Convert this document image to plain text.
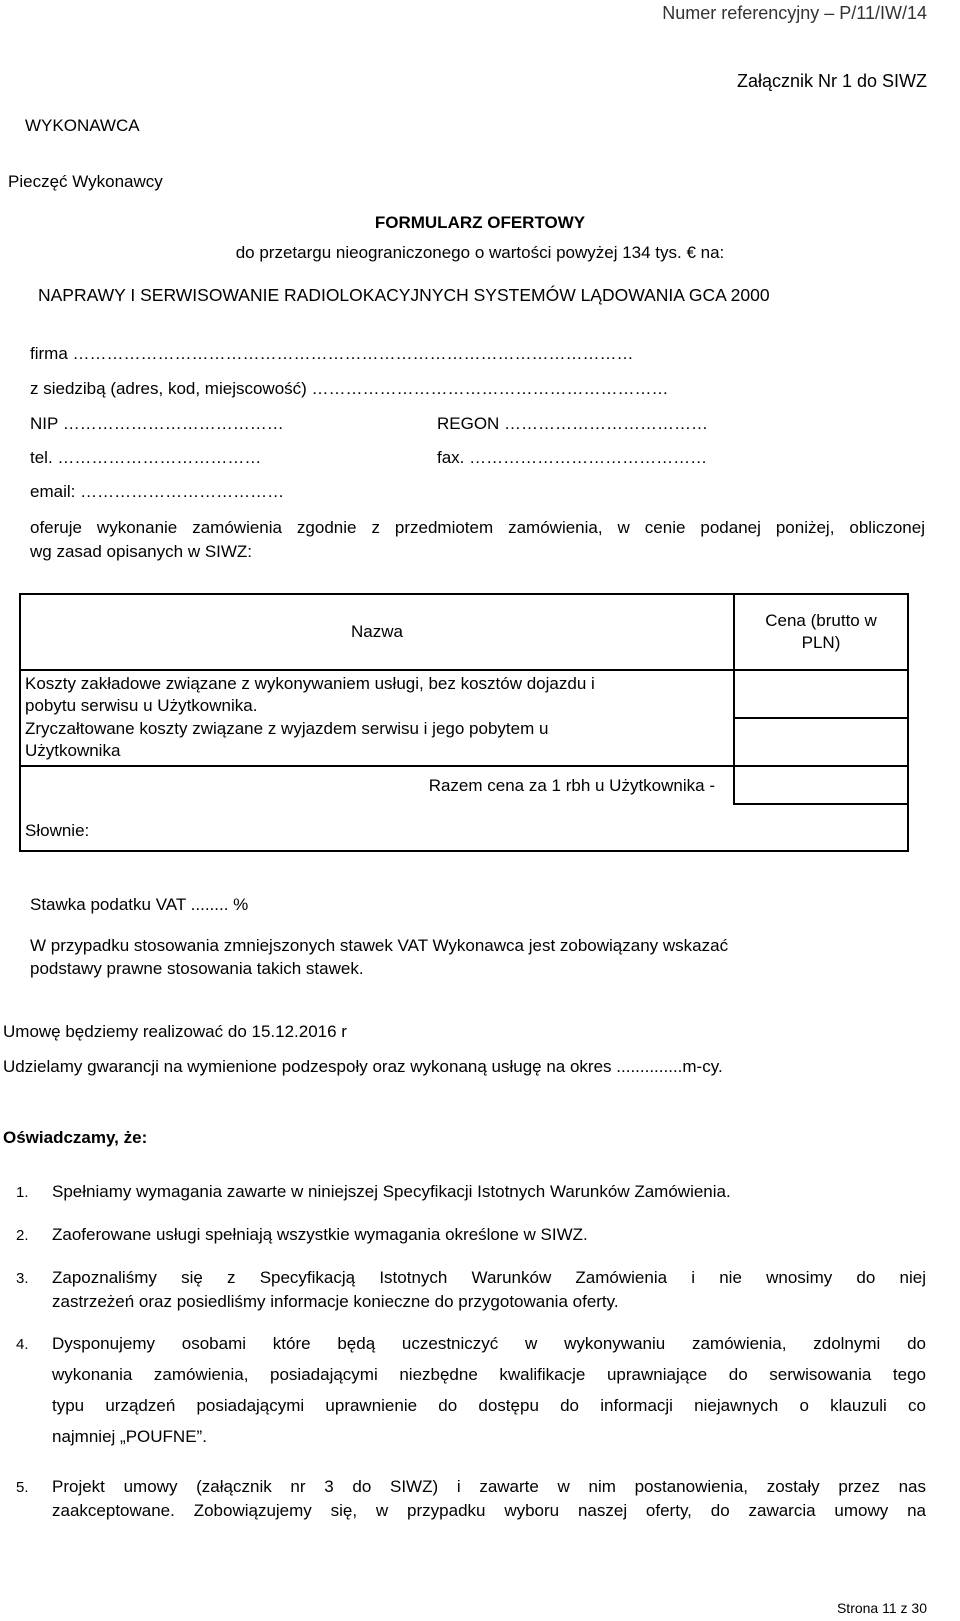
Numer referencyjny – P/11/IW/14
Załącznik Nr 1 do SIWZ
WYKONAWCA
Pieczęć Wykonawcy
FORMULARZ OFERTOWY
do przetargu nieograniczonego o wartości powyżej 134 tys. € na:
NAPRAWY I SERWISOWANIE RADIOLOKACYJNYCH SYSTEMÓW LĄDOWANIA GCA 2000
firma ………………………………………………………………………………………
z siedzibą (adres, kod, miejscowość) ………………………………………………………
NIP …………………………………	REGON ………………………………
tel. ………………………………	fax. ……………………………………
email: ………………………………
oferuje wykonanie zamówienia zgodnie z przedmiotem zamówienia, w cenie podanej poniżej, obliczonej
wg zasad opisanych w SIWZ:
Nazwa	Cena (brutto w
PLN)

Koszty zakładowe związane z wykonywaniem usługi, bez kosztów dojazdu i
pobytu serwisu u Użytkownika.	

Zryczałtowane koszty związane z wyjazdem serwisu i jego pobytem u
Użytkownika	

Razem cena za 1 rbh u Użytkownika -	
Słownie:	
Stawka podatku VAT ........ %
W przypadku stosowania zmniejszonych stawek VAT Wykonawca jest zobowiązany wskazać
podstawy prawne stosowania takich stawek.
Umowę będziemy realizować do 15.12.2016 r
Udzielamy gwarancji na wymienione podzespoły oraz wykonaną usługę na okres ..............m-cy.
Oświadczamy, że:
1. Spełniamy wymagania zawarte w niniejszej Specyfikacji Istotnych Warunków Zamówienia.
2. Zaoferowane usługi spełniają wszystkie wymagania określone w SIWZ.
3. Zapoznaliśmy się z Specyfikacją Istotnych Warunków Zamówienia i nie wnosimy do niej
zastrzeżeń oraz posiedliśmy informacje konieczne do przygotowania oferty.
4. Dysponujemy osobami które będą uczestniczyć w wykonywaniu zamówienia, zdolnymi do
wykonania zamówienia, posiadającymi niezbędne kwalifikacje uprawniające do serwisowania tego
typu urządzeń posiadającymi uprawnienie do dostępu do informacji niejawnych o klauzuli co
najmniej „POUFNE”.
5. Projekt umowy (załącznik nr 3 do SIWZ) i zawarte w nim postanowienia, zostały przez nas
zaakceptowane. Zobowiązujemy się, w przypadku wyboru naszej oferty, do zawarcia umowy na
Strona 11 z 30
